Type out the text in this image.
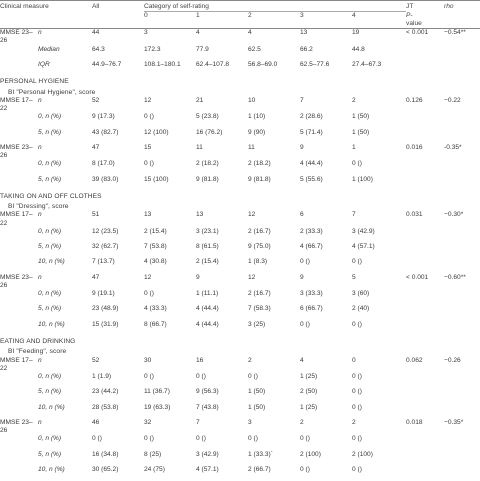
Clinical measure		All	Category of self-rating					JT	rho
			0	1	2	3	4	P-
value	
MMSE 23–26	n	44	3	4	4	13	19	< 0.001	−0.54**
	Median	64.3	172.3	77.9	62.5	66.2	44.8		
	IQR	44.9–76.7	108.1–180.1	62.4–107.8	56.8–69.0	62.5–77.6	27.4–67.3		
PERSONAL HYGIENE									
BI "Personal Hygiene", score									
MMSE 17–22	n	52	12	21	10	7	2	0.126	−0.22
	0, n (%)	9 (17.3)	0 ()	5 (23.8)	1 (10)	2 (28.6)	1 (50)		
	5, n (%)	43 (82.7)	12 (100)	16 (76.2)	9 (90)	5 (71.4)	1 (50)		
MMSE 23–26	n	47	15	11	11	9	1	0.016	-0.35*
	0, n (%)	8 (17.0)	0 ()	2 (18.2)	2 (18.2)	4 (44.4)	0 ()		
	5, n (%)	39 (83.0)	15 (100)	9 (81.8)	9 (81.8)	5 (55.6)	1 (100)		
TAKING ON AND OFF CLOTHES									
BI "Dressing", score									
MMSE 17–22	n	51	13	13	12	6	7	0.031	−0.30*
	0, n (%)	12 (23.5)	2 (15.4)	3 (23.1)	2 (16.7)	2 (33.3)	3 (42.9)		
	5, n (%)	32 (62.7)	7 (53.8)	8 (61.5)	9 (75.0)	4 (66.7)	4 (57.1)		
	10, n (%)	7 (13.7)	4 (30.8)	2 (15.4)	1 (8.3)	0 ()	0 ()		
MMSE 23–26	n	47	12	9	12	9	5	< 0.001	−0.60**
	0, n (%)	9 (19.1)	0 ()	1 (11.1)	2 (16.7)	3 (33.3)	3 (60)		
	5, n (%)	23 (48.9)	4 (33.3)	4 (44.4)	7 (58.3)	6 (66.7)	2 (40)		
	10, n (%)	15 (31.9)	8 (66.7)	4 (44.4)	3 (25)	0 ()	0 ()		
EATING AND DRINKING									
BI "Feeding", score									
MMSE 17–22	n	52	30	16	2	4	0	0.062	−0.26
	0, n (%)	1 (1.9)	0 ()	0 ()	0 ()	1 (25)	0 ()		
	5, n (%)	23 (44.2)	11 (36.7)	9 (56.3)	1 (50)	2 (50)	0 ()		
	10, n (%)	28 (53.8)	19 (63.3)	7 (43.8)	1 (50)	1 (25)	0 ()		
MMSE 23–26	n	46	32	7	3	2	2	0.018	−0.35*
	0, n (%)	0 ()	0 ()	0 ()	0 ()	0 ()	0 ()		
	5, n (%)	16 (34.8)	8 (25)	3 (42.9)	1 (33.3)`	2 (100)	2 (100)		
	10, n (%)	30 (65.2)	24 (75)	4 (57.1)	2 (66.7)	0 ()	0 ()		
